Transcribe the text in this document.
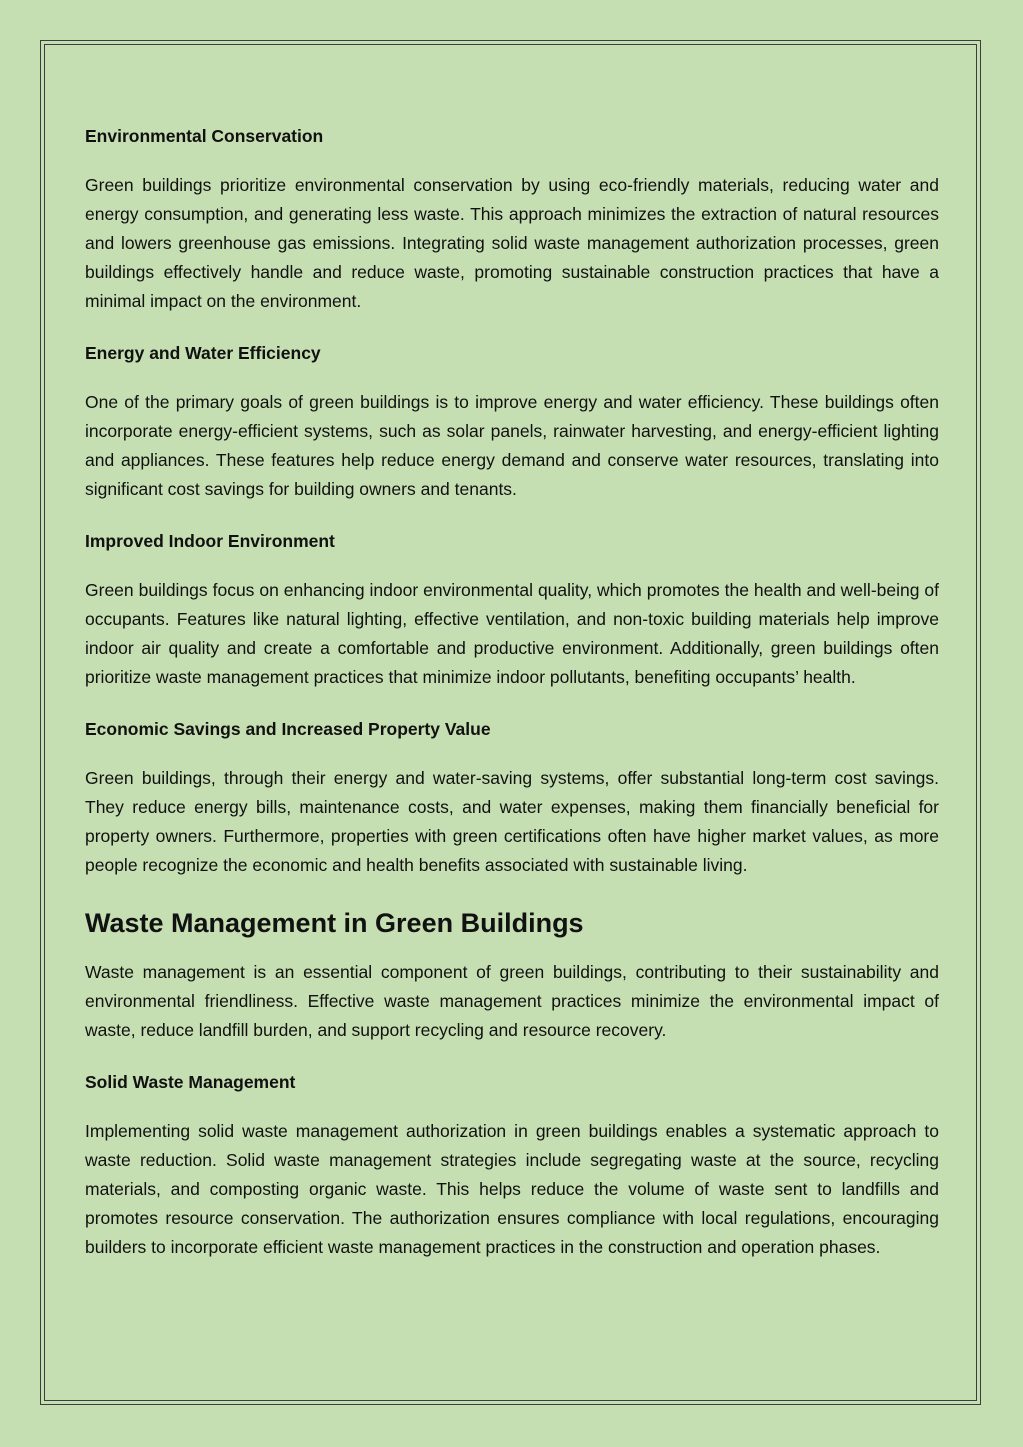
Environmental Conservation

Green buildings prioritize environmental conservation by using eco-friendly materials, reducing water and energy consumption, and generating less waste. This approach minimizes the extraction of natural resources and lowers greenhouse gas emissions. Integrating solid waste management authorization processes, green buildings effectively handle and reduce waste, promoting sustainable construction practices that have a minimal impact on the environment.

Energy and Water Efficiency

One of the primary goals of green buildings is to improve energy and water efficiency. These buildings often incorporate energy-efficient systems, such as solar panels, rainwater harvesting, and energy-efficient lighting and appliances. These features help reduce energy demand and conserve water resources, translating into significant cost savings for building owners and tenants.

Improved Indoor Environment

Green buildings focus on enhancing indoor environmental quality, which promotes the health and well-being of occupants. Features like natural lighting, effective ventilation, and non-toxic building materials help improve indoor air quality and create a comfortable and productive environment. Additionally, green buildings often prioritize waste management practices that minimize indoor pollutants, benefiting occupants’ health.

Economic Savings and Increased Property Value

Green buildings, through their energy and water-saving systems, offer substantial long-term cost savings. They reduce energy bills, maintenance costs, and water expenses, making them financially beneficial for property owners. Furthermore, properties with green certifications often have higher market values, as more people recognize the economic and health benefits associated with sustainable living.

Waste Management in Green Buildings

Waste management is an essential component of green buildings, contributing to their sustainability and environmental friendliness. Effective waste management practices minimize the environmental impact of waste, reduce landfill burden, and support recycling and resource recovery.

Solid Waste Management

Implementing solid waste management authorization in green buildings enables a systematic approach to waste reduction. Solid waste management strategies include segregating waste at the source, recycling materials, and composting organic waste. This helps reduce the volume of waste sent to landfills and promotes resource conservation. The authorization ensures compliance with local regulations, encouraging builders to incorporate efficient waste management practices in the construction and operation phases.
